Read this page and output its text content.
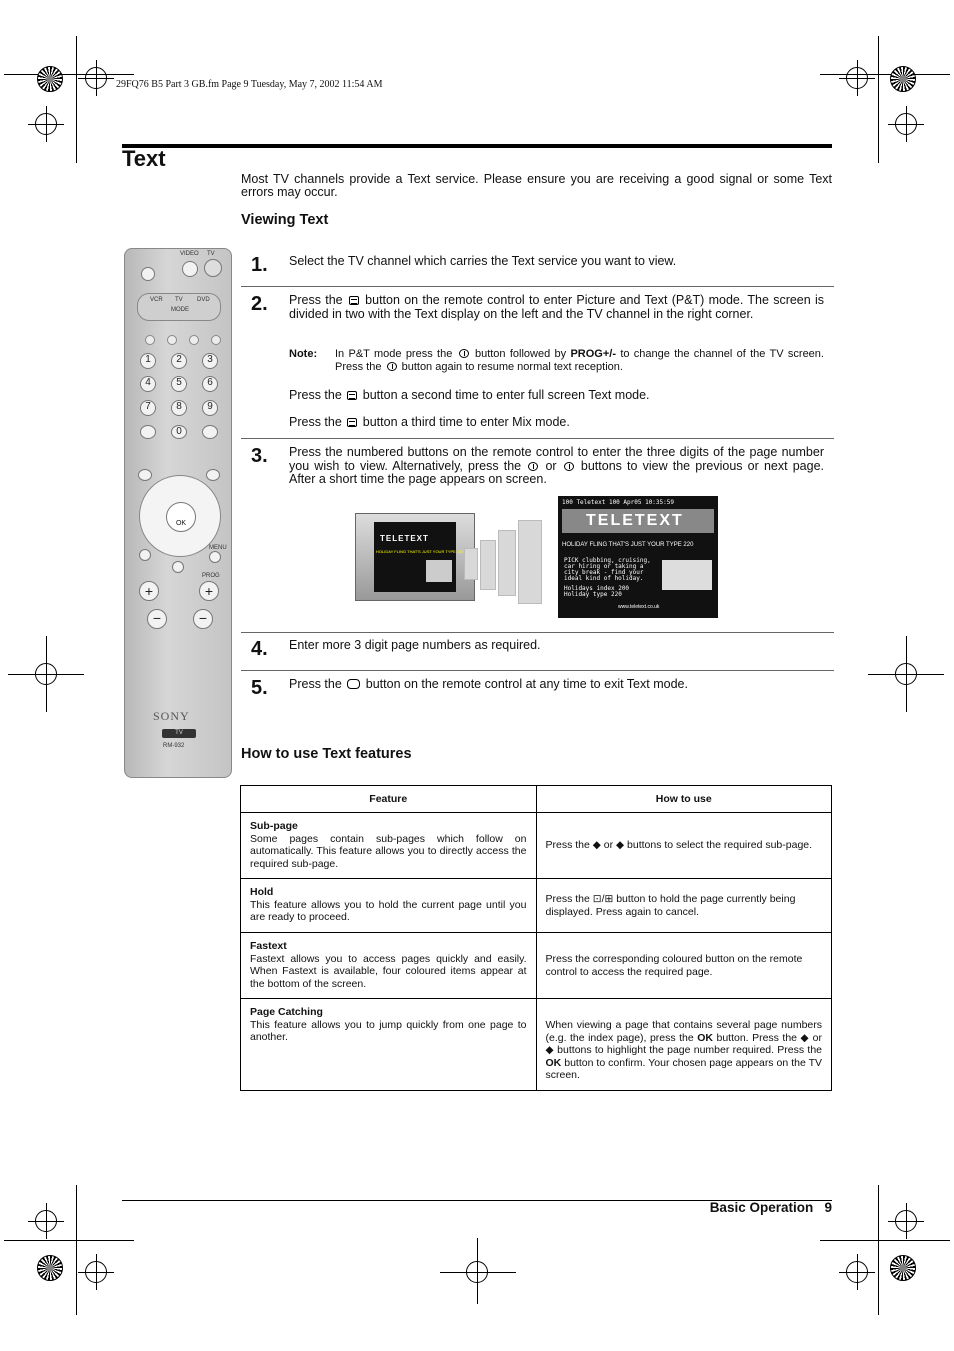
29FQ76 B5 Part 3 GB.fm Page 9 Tuesday, May 7, 2002 11:54 AM
Text
Most TV channels provide a Text service. Please ensure you are receiving a good signal or some Text errors may occur.
Viewing Text
VIDEO TV
VCR TV DVD
MODE
1	2	3
4	5	6
7	8	9
0
OK
MENU
PROG
+	+
−	−
SONY
TV
RM-932
1. Select the TV channel which carries the Text service you want to view.
2. Press the button on the remote control to enter Picture and Text (P&T) mode. The screen is divided in two with the Text display on the left and the TV channel in the right corner.
Note: In P&T mode press the button followed by PROG+/- to change the channel of the TV screen. Press the button again to resume normal text reception.
Press the button a second time to enter full screen Text mode.
Press the button a third time to enter Mix mode.
3. Press the numbered buttons on the remote control to enter the three digits of the page number you wish to view. Alternatively, press the or buttons to view the previous or next page. After a short time the page appears on screen.
TELETEXT
HOLIDAY FLING THAT'S JUST YOUR TYPE 220
100 Teletext 100 Apr05 10:35:59
TELETEXT
HOLIDAY FLING THAT'S JUST YOUR TYPE 220
PICK clubbing, cruising,
car hiring or taking a
city break - find your
ideal kind of holiday.
Holidays index 200
Holiday type 220
www.teletext.co.uk
4. Enter more 3 digit page numbers as required.
5. Press the button on the remote control at any time to exit Text mode.
How to use Text features
Feature	How to use

Sub-page
Some pages contain sub-pages which follow on automatically. This feature allows you to directly access the required sub-page.	Press the ◆ or ◆ buttons to select the required sub-page.

Hold
This feature allows you to hold the current page until you are ready to proceed.	Press the ⊡/⊞ button to hold the page currently being displayed. Press again to cancel.

Fastext
Fastext allows you to access pages quickly and easily. When Fastext is available, four coloured items appear at the bottom of the screen.	Press the corresponding coloured button on the remote control to access the required page.

Page Catching
This feature allows you to jump quickly from one page to another.	When viewing a page that contains several page numbers (e.g. the index page), press the OK button. Press the ◆ or ◆ buttons to highlight the page number required. Press the OK button to confirm. Your chosen page appears on the TV screen.
Basic Operation 9
